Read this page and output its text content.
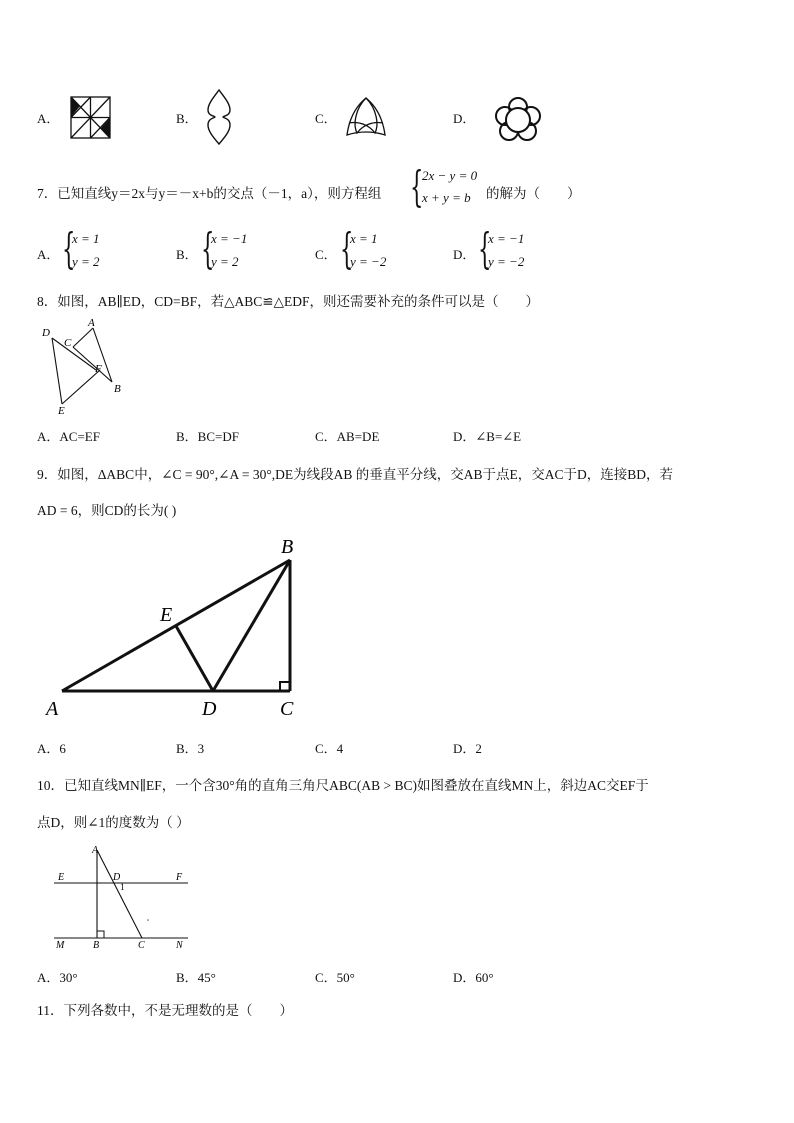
A．	B．	C．	D．
7．已知直线y＝2x与y＝－x+b的交点（－1，a），则方程组 {
2x − y = 0
x + y = b 的解为（　　）
A． {
x = 1
y = 2	B． {
x = −1
y = 2	C． {
x = 1
y = −2	D． {
x = −1
y = −2
8．如图，AB∥ED，CD=BF，若△ABC≌△EDF，则还需要补充的条件可以是（　　）
D
A
C
F
B
E
A．AC=EF	B．BC=DF	C．AB=DE	D．∠B=∠E
9．如图，ΔABC中，∠C = 90°,∠A = 30°,DE为线段AB 的垂直平分线，交AB于点E，交AC于D，连接BD，若
AD = 6，则CD的长为( )
B
E
A	D	C
A．6	B．3	C．4	D．2
10．已知直线MN∥EF，一个含30°角的直角三角尺ABC(AB > BC)如图叠放在直线MN上，斜边AC交EF于
点D，则∠1的度数为（ ）
A
E	D	F
1
M	B	C	N
A．30°	B．45°	C．50°	D．60°
11．下列各数中，不是无理数的是（　　）
